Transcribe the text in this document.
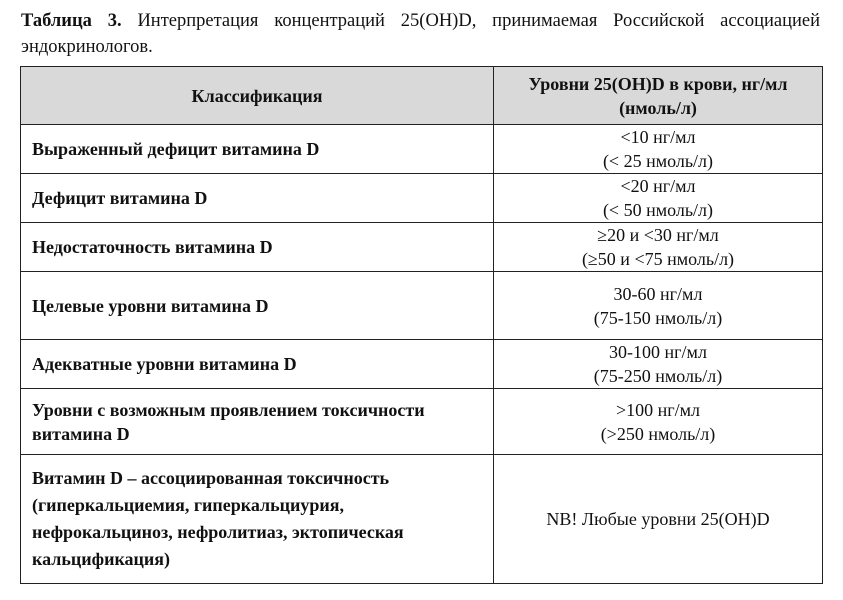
Таблица 3. Интерпретация концентраций 25(OH)D, принимаемая Российской ассоциацией эндокринологов.
Классификация	Уровни 25(OH)D в крови, нг/мл (нмоль/л)

Выраженный дефицит витамина D	<10 нг/мл
(< 25 нмоль/л)

Дефицит витамина D	<20 нг/мл
(< 50 нмоль/л)

Недостаточность витамина D	≥20 и <30 нг/мл
(≥50 и <75 нмоль/л)

Целевые уровни витамина D	30-60 нг/мл
(75-150 нмоль/л)

Адекватные уровни витамина D	30-100 нг/мл
(75-250 нмоль/л)

Уровни с возможным проявлением токсичности
витамина D	>100 нг/мл
(>250 нмоль/л)

Витамин D – ассоциированная токсичность
(гиперкальциемия, гиперкальциурия,
нефрокальциноз, нефролитиаз, эктопическая
кальцификация)	NB! Любые уровни 25(OH)D
